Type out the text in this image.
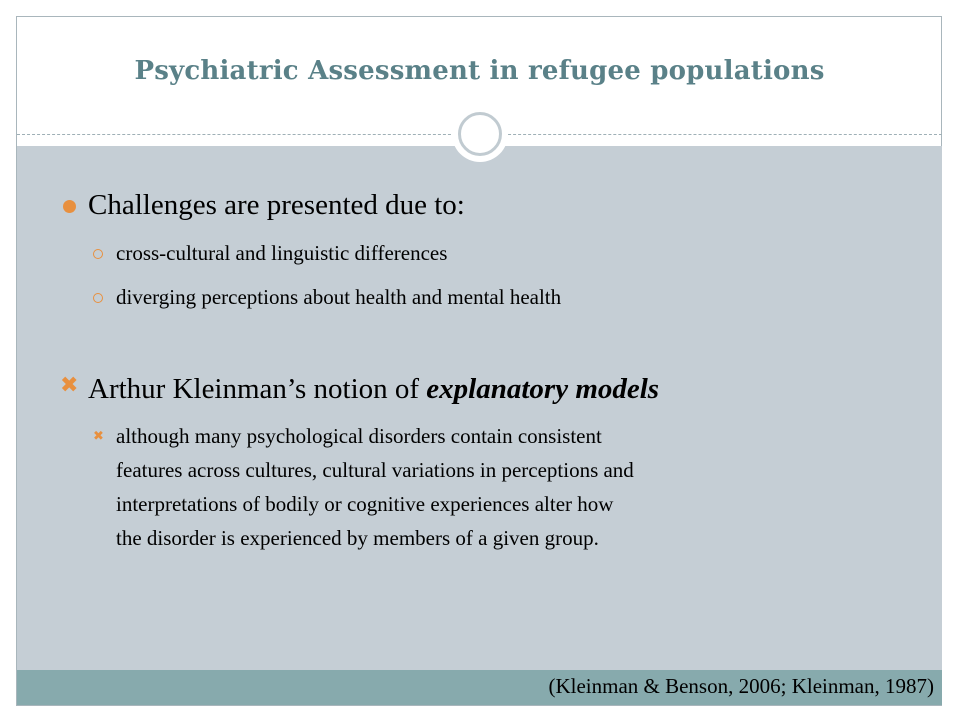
Psychiatric Assessment in refugee populations
Challenges are presented due to:
cross-cultural and linguistic differences
diverging perceptions about health and mental health
✖ Arthur Kleinman’s notion of explanatory models
✖ although many psychological disorders contain consistent
features across cultures, cultural variations in perceptions and
interpretations of bodily or cognitive experiences alter how
the disorder is experienced by members of a given group.
(Kleinman & Benson, 2006; Kleinman, 1987)
